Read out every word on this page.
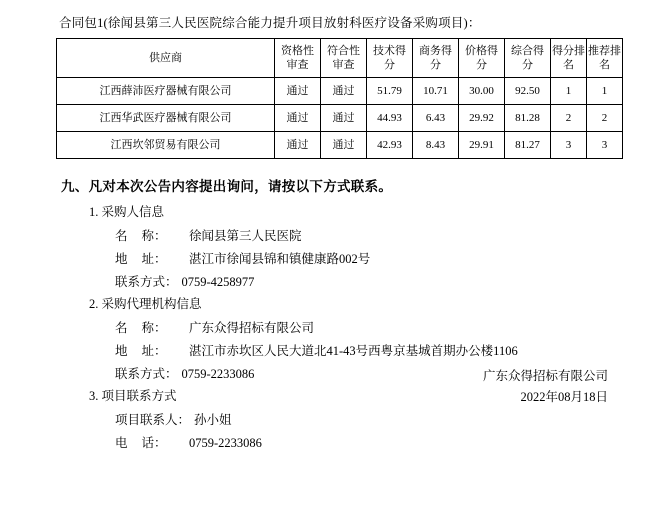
合同包1(徐闻县第三人民医院综合能力提升项目放射科医疗设备采购项目)：
供应商	资格性审查	符合性审查	技术得分	商务得分	价格得分	综合得分	得分排名	推荐排名
江西薛沛医疗器械有限公司	通过	通过	51.79	10.71	30.00	92.50	1	1
江西华武医疗器械有限公司	通过	通过	44.93	6.43	29.92	81.28	2	2
江西坎邻贸易有限公司	通过	通过	42.93	8.43	29.91	81.27	3	3
九、凡对本次公告内容提出询问，请按以下方式联系。
1. 采购人信息
名称： 徐闻县第三人民医院
地址： 湛江市徐闻县锦和镇健康路002号
联系方式： 0759-4258977
2. 采购代理机构信息
名称： 广东众得招标有限公司
地址： 湛江市赤坎区人民大道北41-43号西粤京基城首期办公楼1106
联系方式： 0759-2233086
3. 项目联系方式
项目联系人： 孙小姐
电话： 0759-2233086
广东众得招标有限公司
2022年08月18日
